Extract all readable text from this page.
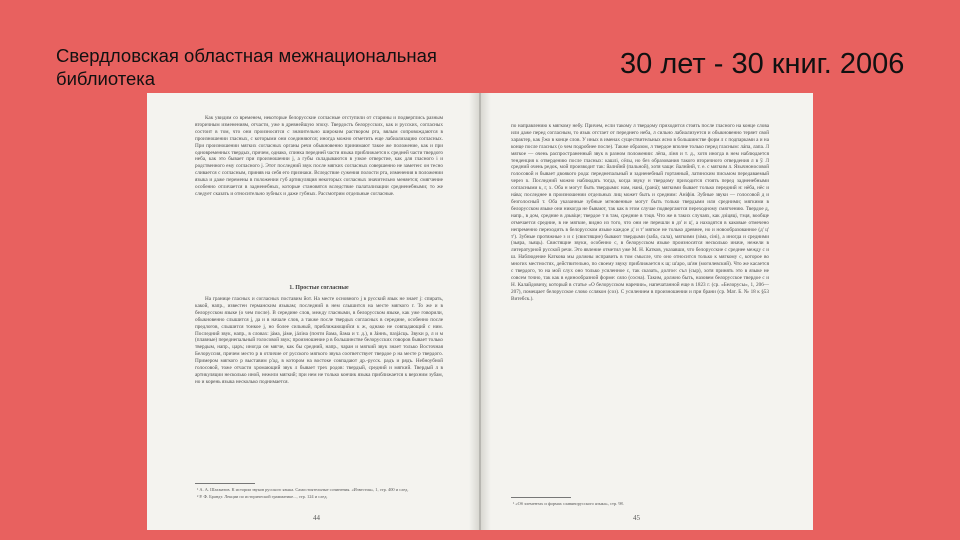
Свердловская областная межнациональная библиотека	30 лет - 30 книг. 2006

Как увидим со временем, некоторые белорусские согласные отступили от старины и подверглись разным вторичным изменениям, отчасти, уже в древнейшую эпоху. Твердость белорусских, как и русских, согласных состоит в том, что они произносятся с значительно широким раствором рта, вялым сопровождаются в произношении гласных, с которыми они соединяются; иногда можно отметить еще лабиализацию согласных. При произношении мягких согласных органы речи обыкновенно принимают такое же положение, как и при одновременных твердых, причем, однако, спинка передней части языка приближается к средней части твердого неба, как это бывает при произношении j, а губы складываются в узкое отверстие, как для гласного i и родственного ему согласного j. Этот последний звук после мягких согласных совершенно не заметен: он тесно сливается с согласным, приняв на себя его признаки. Вследствие сужения полости рта, изменения в положении языка и даже перемены в положении губ артикуляция некоторых согласных значительно меняется; смягчение особенно отличается в задненебных, которые становятся вследствие палатализации средненебными; то же следует сказать и относительно зубных и даже губных. Рассмотрим отдельные согласные.

1. Простые согласные

На границе гласных и согласных поставим йот. На месте основного j в русский язык не знает j: спирать, какой, напр., известен германским языкам; последний в нем слышится на месте мягкого г. То же и в белорусском языке (о чем после). В середине слов, между гласными, в белорусском языке, как уже говорили, обыкновенно слышится j, да и в начале слов, а также после твердых согласных в середине, особенно после предлогов, слышится тонкое j, но более сильный, приближающийся к ж, однако не совпадающий с ним. Последний звук, напр., в словах: jáма, jáме, jáліна (почти йама, йама и т. д.), в Jáннъ, пазjáсць. Звуки р, л и м (плавные) переднепальный голосовой звук; произношение р в большинстве белорусских говоров бывает только твердым, напр., царъ; иногда он мягче, как бы средний, напр., чаран и мягкий звук знает только Восточная Белоруссия, причем место р в отличие от русского мягкого звука соответствует твердое р на месте р твердого. Примером мягкого р выставим р'ад, в котором на востоке совпадают др.-русск. радъ и рядъ. Небноубной голосовой, тоже отчасти хромающий звук л бывает трех родов: твердый, средний и мягкий. Твердый л в артикуляции несколько иной, нежели мягкий; при нем не только кончик языка приближается к верхним зубам, но и корень языка несколько поднимается.

¹ А. А. Шахматов. К истории звуков русского языка. Самостоятельные сочинения. «Известия», 1, стр. 400 и след.
² Р. Ф. Брандт. Лекции по исторической грамматике..., стр. 124 и след.
44

по направлению к мягкому небу. Причем, если такому л твердому приходится стоять после гласного на конце слова или даже перед согласным, то язык отстает от переднего неба, л сильно лабиализуется и обыкновенно теряет свой характер, как ўжо в конце слов. У иных в именах существительных ясно в большинстве форм л с подпарками а и на конце после гласных (о чем подробнее после). Также образом, л твердое вполне только перед гласным: лáпа, лапа. Л мягкое — очень распространенный звук в разном положении: лёпа, ліня и т. д., хотя иногда в нем наблюдается тенденция к отвердению после гласных: кашлі, сёлы, но без образования такого вторичного отвердения л в ў. Л средний очень редок, мой производит так: йалнйнй (пальной), хотя чаще: йалнйнй, т. е. с мягким л. Язычноносовой голосовой н бывает двоякого рода: переднепальный и задненебный гортанный, латинским письмом передаваемый через n. Последний можно наблюдать тогда, когда звуку н твердому приходится стоять перед задненебными согласными к, г, х. Оба н могут быть твердыми: нам, нанá, (ранá); мягкими бывает только передний н: нёба, нёс и нáва; последнее в произношении отдельных лиц может быть и средним: Аніфія. Зубные звуки — голосовой д и безголосный т. Оба указанные зубные мгновенные могут быть только твердыми или средними; мягкими в белорусском языке они никогда не бывают, так как в этом случае подвергаются переходному смягчению. Твердое д, напр., в дом, средние в дзьвіце; твердое т в там, средние в тэця. Что же в таких случаях, как дзіцяці, тэця, вообще отмечается средние, в не мягкие, видно из того, что они не перешли в дз' и ц', а находятся в каковые отмечено непременно переходить в белорусском языке каждое д' и т' мягкое не только древнее, но и новообразованное (д' ц' т'). Зубные протяжные з и с (свистящие) бывают твердыми (заба, сала), мягкими (зіма, сіні), а иногда и средними (зьяра, зьяць). Свистящие звуки, особенно с, в белорусском языке произносятся несколько иначе, нежели в литературной русской речи. Это явление отметил уже М. Н. Катков, указавши, что белорусские с среднее между с и ш. Наблюдение Каткова мы должны исправить в том смысле, что оно относится только к мягкому с, которое во многих местностях, действительно, по своему звуку приближается к щ: ш'аро, ш'ян (могилевский). Что же касается с твердого, то на мой слух оно только усиленное с, так сказать, долгое: съл (сыр), хотя принять это в языке не совсем точно, так как в единообразной форме: сяло (сосна). Таким, должно быть, назовем белорусское твердое с и Н. Калайдовичу, который в статье «О белорусском наречии», напечатанной еще в 1823 г. (ср. «Белорусы», 1, 206—207), помещает белорусское слово сслякон (соз). С усилением в произношении и при брани (ср. Мат. Б. № 18 к §53 Витебск.).

¹ «Об элементах и формах славянорусского языка», стр. 98.
45
